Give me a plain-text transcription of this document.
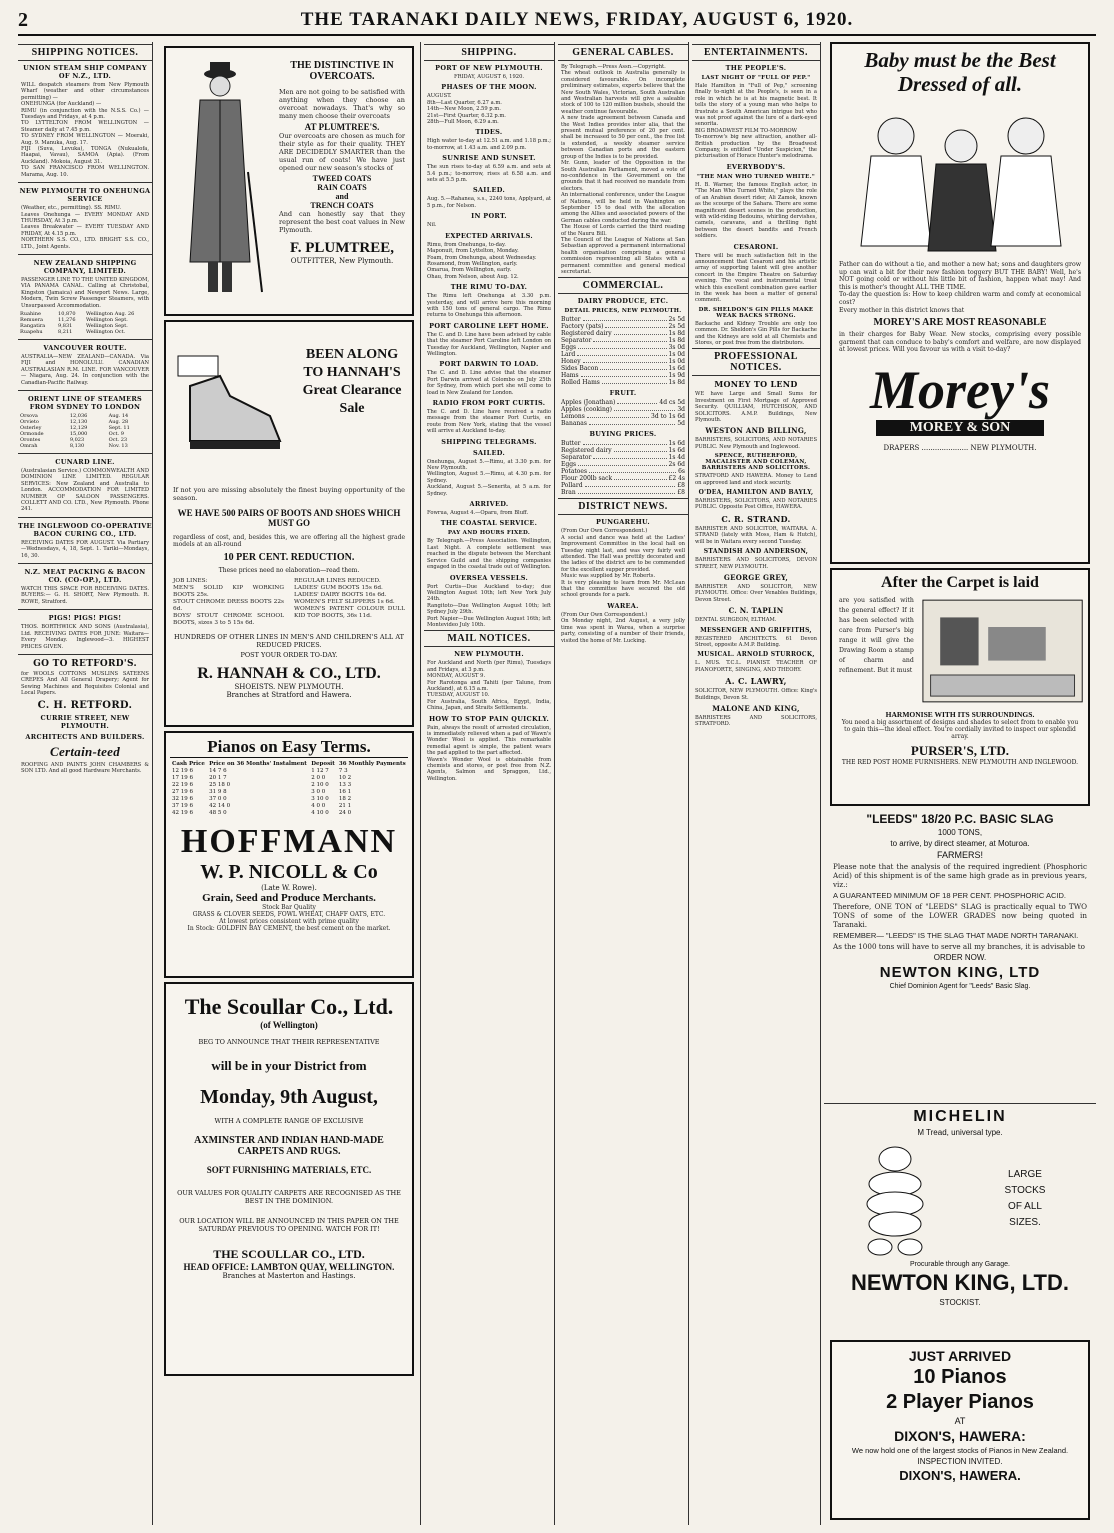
2	THE TARANAKI DAILY NEWS, FRIDAY, AUGUST 6, 1920.
SHIPPING NOTICES.
UNION STEAM SHIP COMPANY OF N.Z., LTD.
WILL despatch steamers from New Plymouth Wharf (weather and other circumstances permitting) —
ONEHUNGA (for Auckland) —
RIMU (in conjunction with the N.S.S. Co.) — Tuesdays and Fridays, at 4 p.m.
TO LYTTELTON FROM WELLINGTON — Steamer daily at 7.45 p.m.
TO SYDNEY FROM WELLINGTON — Moeraki, Aug. 9. Manuka, Aug. 17.
FIJI (Suva, Levuka), TONGA (Nukualofa, Haapai, Vavau), SAMOA (Apia). (From Auckland). Mokoia, August 31.
TO SAN FRANCISCO FROM WELLINGTON. Marama, Aug. 10.
NEW PLYMOUTH TO ONEHUNGA SERVICE
(Weather, etc., permitting). SS. RIMU.
Leaves Onehunga — EVERY MONDAY AND THURSDAY, At 3 p.m.
Leaves Breakwater — EVERY TUESDAY AND FRIDAY, At 4.15 p.m.
NORTHERN S.S. CO., LTD. BRIGHT S.S. CO., LTD., Joint Agents.
NEW ZEALAND SHIPPING COMPANY, LIMITED.
PASSENGER LINE TO THE UNITED KINGDOM, VIA PANAMA CANAL. Calling at Christobal, Kingston (Jamaica) and Newport News. Large, Modern, Twin Screw Passenger Steamers, with Unsurpassed Accommodation.
Ruahine	10,870	Wellington Aug. 26
Remuera	11,276	Wellington Sept.
Rangatira	9,831	Wellington Sept.
Ruapehu	8,211	Wellington Oct.
VANCOUVER ROUTE.
AUSTRALIA—NEW ZEALAND—CANADA. Via FIJI and HONOLULU. CANADIAN AUSTRALASIAN R.M. LINE. FOR VANCOUVER — Niagara, Aug. 24. In conjunction with the Canadian-Pacific Railway.
ORIENT LINE OF STEAMERS FROM SYDNEY TO LONDON
Orsova	12,036	Aug. 14
Orvieto	12,130	Aug. 28
Osterley	12,129	Sept. 11
Ormonde	15,000	Oct. 9
Orontes	9,023	Oct. 23
Omrah	8,130	Nov. 13
CUNARD LINE.
(Australasian Service.) COMMONWEALTH AND DOMINION LINE LIMITED. REGULAR SERVICES: New Zealand and Australia to London. ACCOMMODATION FOR LIMITED NUMBER OF SALOON PASSENGERS. COLLETT AND CO. LTD., New Plymouth. Phone 241.
THE INGLEWOOD CO-OPERATIVE BACON CURING CO., LTD.
RECEIVING DATES FOR AUGUST. Via Partiary—Wednesdays, 4, 18, Sept. 1. Tariki—Mondays, 16, 30.
N.Z. MEAT PACKING & BACON CO. (CO-OP.), LTD.
WATCH THIS SPACE FOR RECEIVING DATES. BUYERS:— G. H. SHORT, New Plymouth. R. ROWE, Stratford.
PIGS! PIGS! PIGS!
THOS. BORTHWICK AND SONS (Australasia), Ltd. RECEIVING DATES FOR JUNE: Waitara—Every Monday. Inglewood—3. HIGHEST PRICES GIVEN.
GO TO RETFORD'S.
for WOOLS COTTONS MUSLINS SATEENS CREPES And All General Drapery; Agent for Sewing Machines and Requisites Colonial and Local Papers.
C. H. RETFORD.
CURRIE STREET, NEW PLYMOUTH.
ARCHITECTS AND BUILDERS.
Certain-teed
ROOFING AND PAINTS JOHN CHAMBERS & SON LTD. And all good Hardware Merchants.
THE DISTINCTIVE IN OVERCOATS.
Men are not going to be satisfied with anything when they choose an overcoat nowadays. That's why so many men choose their overcoats
AT PLUMTREE'S.
Our overcoats are chosen as much for their style as for their quality. THEY ARE DECIDEDLY SMARTER than the usual run of coats! We have just opened our new season's stocks of
TWEED COATS
RAIN COATS
and
TRENCH COATS
And can honestly say that they represent the best coat values in New Plymouth.
F. PLUMTREE,
OUTFITTER, New Plymouth.
BEEN ALONG TO HANNAH'S Great Clearance Sale
If not you are missing absolutely the finest buying opportunity of the season.
WE HAVE 500 PAIRS OF BOOTS AND SHOES WHICH MUST GO
regardless of cost, and, besides this, we are offering all the highest grade models at an all-round
10 PER CENT. REDUCTION.
These prices need no elaboration—read them.
JOB LINES:
MEN'S SOLID KIP WORKING BOOTS 25s.
STOUT CHROME DRESS BOOTS 22s 6d.
BOYS' STOUT CHROME SCHOOL BOOTS, sizes 3 to 5 15s 6d.
REGULAR LINES REDUCED.
LADIES' GUM BOOTS 15s 6d.
LADIES' DAIRY BOOTS 16s 6d.
WOMEN'S FELT SLIPPERS 1s 6d.
WOMEN'S PATENT COLOUR DULL KID TOP BOOTS, 36s 11d.
HUNDREDS OF OTHER LINES IN MEN'S AND CHILDREN'S ALL AT REDUCED PRICES.
POST YOUR ORDER TO-DAY.
R. HANNAH & CO., LTD.
SHOEISTS. NEW PLYMOUTH.
Branches at Stratford and Hawera.
Pianos on Easy Terms.
Cash Price	Price on 36 Months' Instalment	Deposit	36 Monthly Payments
12 19 6	14 7 6	1 12 7	7 3
17 19 6	20 1 7	2 0 0	10 2
22 19 6	25 18 0	2 10 0	13 3
27 19 6	31 9 8	3 0 0	16 1
32 19 6	37 0 0	3 10 0	18 2
37 19 6	42 14 0	4 0 0	21 1
42 19 6	48 5 0	4 10 0	24 0
HOFFMANN
W. P. NICOLL & Co
(Late W. Rowe).
Grain, Seed and Produce Merchants.
Stock Bar Quality
GRASS & CLOVER SEEDS, FOWL WHEAT, CHAFF OATS, ETC.
At lowest prices consistent with prime quality
In Stock: GOLDFIN BAY CEMENT, the best cement on the market.
The Scoullar Co., Ltd.
(of Wellington)
BEG TO ANNOUNCE THAT THEIR REPRESENTATIVE
will be in your District from
Monday, 9th August,
WITH A COMPLETE RANGE OF EXCLUSIVE
AXMINSTER AND INDIAN HAND-MADE CARPETS AND RUGS.
SOFT FURNISHING MATERIALS, ETC.
OUR VALUES FOR QUALITY CARPETS ARE RECOGNISED AS THE BEST IN THE DOMINION.
OUR LOCATION WILL BE ANNOUNCED IN THIS PAPER ON THE SATURDAY PREVIOUS TO OPENING. WATCH FOR IT!
THE SCOULLAR CO., LTD.
HEAD OFFICE: LAMBTON QUAY, WELLINGTON.
Branches at Masterton and Hastings.
SHIPPING.
PORT OF NEW PLYMOUTH.
FRIDAY, AUGUST 6, 1920.
PHASES OF THE MOON.
AUGUST.
8th—Last Quarter, 6.27 a.m.
14th—New Moon, 2.59 p.m.
21st—First Quarter, 6.32 p.m.
28th—Full Moon, 6.29 a.m.
TIDES.
High water to-day at 12.51 a.m. and 1.18 p.m.; to-morrow, at 1.43 a.m. and 2.09 p.m.
SUNRISE AND SUNSET.
The sun rises to-day at 6.59 a.m. and sets at 5.4 p.m.; to-morrow, rises at 6.58 a.m. and sets at 5.5 p.m.
SAILED.
Aug. 5.—Rahanea, s.s., 2240 tons, Applyard, at 5 p.m., for Nelson.
IN PORT.
Nil.
EXPECTED ARRIVALS.
Rimu, from Onehunga, to-day.
Maponuit, from Lyttelton, Monday.
Foam, from Onehunga, about Wednesday.
Rosamond, from Wellington, early.
Omarua, from Wellington, early.
Ohau, from Nelson, about Aug. 12.
THE RIMU TO-DAY.
The Rimu left Onehunga at 3.30 p.m. yesterday, and will arrive here this morning with 150 tons of general cargo. The Rimu returns to Onehunga this afternoon.
PORT CAROLINE LEFT HOME.
The C. and D. Line have been advised by cable that the steamer Port Caroline left London on Tuesday for Auckland, Wellington, Napier and Wellington.
PORT DARWIN TO LOAD.
The C. and D. Line advise that the steamer Port Darwin arrived at Colombo on July 25th for Sydney, from which port she will come to load in New Zealand for London.
RADIO FROM PORT CURTIS.
The C. and D. Line have received a radio message from the steamer Port Curtis, en route from New York, stating that the vessel will arrive at Auckland to-day.
SHIPPING TELEGRAMS.
SAILED.
Onehunga, August 5.—Rimu, at 3.30 p.m. for New Plymouth.
Wellington, August 5.—Rimu, at 4.30 p.m. for Sydney.
Auckland, August 5.—Senerita, at 5 a.m. for Sydney.
ARRIVED.
Fowrua, August 4.—Oparu, from Bluff.
THE COASTAL SERVICE.
PAY AND HOURS FIXED.
By Telegraph.—Press Association. Wellington, Last Night. A complete settlement was reached in the dispute between the Merchant Service Guild and the shipping companies engaged in the coastal trade out of Wellington.
OVERSEA VESSELS.
Port Curtis—Due Auckland to-day; due Wellington August 10th; left New York July 24th.
Rangitoto—Due Wellington August 10th; left Sydney July 29th.
Port Napier—Due Wellington August 16th; left Montevideo July 10th.
MAIL NOTICES.
NEW PLYMOUTH.
For Auckland and North (per Rimu), Tuesdays and Fridays, at 3 p.m.
MONDAY, AUGUST 9.
For Rarotonga and Tahiti (per Talune, from Auckland), at 6.15 a.m.
TUESDAY, AUGUST 10.
For Australia, South Africa, Egypt, India, China, Japan, and Straits Settlements.
HOW TO STOP PAIN QUICKLY.
Pain, always the result of arrested circulation, is immediately relieved when a pad of Wawn's Wonder Wool is applied. This remarkable remedial agent is simple, the patient wears the pad applied to the part affected.
Wawn's Wonder Wool is obtainable from chemists and stores, or post free from N.Z. Agents, Salmon and Spraggon, Ltd., Wellington.
GENERAL CABLES.
By Telegraph.—Press Assn.—Copyright.
The wheat outlook in Australia generally is considered favourable. On incomplete preliminary estimates, experts believe that the New South Wales, Victorian, South Australian and Westralian harvests will give a saleable stock of 100 to 120 million bushels, should the weather continue favourable.
A new trade agreement between Canada and the West Indies provides inter alia, that the present mutual preference of 20 per cent. shall be increased to 50 per cent., the free list is extended, a weekly steamer service between Canadian ports and the eastern group of the Indies is to be provided.
Mr. Gunn, leader of the Opposition in the South Australian Parliament, moved a vote of no-confidence in the Government on the grounds that it had received no mandate from electors.
An international conference, under the League of Nations, will be held in Washington on September 15 to deal with the allocation among the Allies and associated powers of the German cables conducted during the war.
The House of Lords carried the third reading of the Nauru Bill.
The Council of the League of Nations at San Sebastian approved a permanent international health organisation comprising a general commission representing all States with a permanent committee and general medical secretariat.
COMMERCIAL.
DAIRY PRODUCE, ETC.
DETAIL PRICES, NEW PLYMOUTH.
Butter	2s 5d
Factory (pats)	2s 5d
Registered dairy	1s 8d
Separator	1s 8d
Eggs	3s 0d
Lard	1s 0d
Honey	1s 0d
Sides Bacon	1s 6d
Hams	1s 9d
Rolled Hams	1s 8d
FRUIT.
Apples (Jonathan)	4d cs 5d
Apples (cooking)	3d
Lemons	3d to 1s 6d
Bananas	5d
BUYING PRICES.
Butter	1s 6d
Registered dairy	1s 6d
Separator	1s 4d
Eggs	2s 6d
Potatoes	6s
Flour 200lb sack	£2 4s
Pollard	£8
Bran	£8
DISTRICT NEWS.
PUNGAREHU.
(From Our Own Correspondent.)
A social and dance was held at the Ladies' Improvement Committee in the local hall on Tuesday night last, and was very fairly well attended. The Hall was prettily decorated and the ladies of the district are to be commended for the excellent supper provided.
Music was supplied by Mr. Roberts.
It is very pleasing to learn from Mr. McLean that the committee have secured the old school grounds for a park.
WAREA.
(From Our Own Correspondent.)
On Monday night, 2nd August, a very jolly time was spent in Warea, when a surprise party, consisting of a number of their friends, visited the home of Mr. Lucking.
ENTERTAINMENTS.
THE PEOPLE'S.
LAST NIGHT OF "FULL OF PEP."
Hale Hamilton in "Full of Pep," screening finally to-night at the People's, is seen in a role in which he is at his magnetic best. It tells the story of a young man who helps to frustrate a South American intrigue but who was not proof against the lure of a dark-eyed senorita.
BIG BROADWEST FILM TO-MORROW
To-morrow's big new attraction, another all-British production by the Broadwest Company, is entitled "Under Suspicion," the picturisation of Horace Hunter's melodrama.
EVERYBODY'S.
"THE MAN WHO TURNED WHITE."
H. B. Warner, the famous English actor, in "The Man Who Turned White," plays the role of an Arabian desert rider, Ali Zamok, known as the scourge of the Sahara. There are some magnificent desert scenes in the production, with wild-riding Bedouins, whirling dervishes, camels, caravans, and a thrilling fight between the desert bandits and French soldiers.
CESARONI.
There will be much satisfaction felt in the announcement that Cesaroni and his artistic array of supporting talent will give another concert in the Empire Theatre on Saturday evening. The vocal and instrumental treat which this excellent combination gave earlier in the week has been a matter of general comment.
DR. SHELDON'S GIN PILLS MAKE WEAK BACKS STRONG.
Backache and Kidney Trouble are only too common. Dr. Sheldon's Gin Pills for Backache and the Kidneys are sold at all Chemists and Stores, or post free from the distributors.
PROFESSIONAL NOTICES.
MONEY TO LEND
WE have Large and Small Sums for Investment on First Mortgage of Approved Security. QUILLIAM, HUTCHISON, AND SOLICITORS. A.M.P. Buildings, New Plymouth.
WESTON AND BILLING,
BARRISTERS, SOLICITORS, AND NOTARIES PUBLIC. New Plymouth and Inglewood.
SPENCE, RUTHERFORD, MACALISTER AND COLEMAN, BARRISTERS AND SOLICITORS.
STRATFORD AND HAWERA. Money to Lend on approved land and stock security.
O'DEA, HAMILTON AND BAYLY,
BARRISTERS, SOLICITORS, AND NOTARIES PUBLIC. Opposite Post Office, HAWERA.
C. R. STRAND.
BARRISTER AND SOLICITOR, WAITARA. A. STRAND (lately with Moss, Ham & Hutch), will be in Waitara every second Tuesday.
STANDISH AND ANDERSON,
BARRISTERS AND SOLICITORS, DEVON STREET, NEW PLYMOUTH.
GEORGE GREY,
BARRISTER AND SOLICITOR, NEW PLYMOUTH. Office: Over Venables Buildings, Devon Street.
C. N. TAPLIN
DENTAL SURGEON, ELTHAM.
MESSENGER AND GRIFFITHS,
REGISTERED ARCHITECTS. 61 Devon Street, opposite A.M.P. Building.
MUSICAL. ARNOLD STURROCK,
L. MUS. T.C.L. PIANIST. TEACHER OF PIANOFORTE, SINGING, AND THEORY.
A. C. LAWRY,
SOLICITOR, NEW PLYMOUTH. Office: King's Buildings, Devon St.
MALONE AND KING,
BARRISTERS AND SOLICITORS, STRATFORD.
Baby must be the Best Dressed of all.
Father can do without a tie, and mother a new hat; sons and daughters grow up can wait a bit for their new fashion toggery BUT THE BABY! Well, he's NOT going cold or without his little bit of fashion, happen what may! And this is mother's thought ALL THE TIME.
To-day the question is: How to keep children warm and comfy at economical cost?
Every mother in this district knows that
MOREY'S ARE MOST REASONABLE
in their charges for Baby Wear. New stocks, comprising every possible garment that can conduce to baby's comfort and welfare, are now displayed at lowest prices. Will you favour us with a visit to-day?
Morey's
MOREY & SON
DRAPERS ..................... NEW PLYMOUTH.
After the Carpet is laid
are you satisfied with the general effect? If it has been selected with care from Purser's big range it will give the Drawing Room a stamp of charm and refinement. But it must
HARMONISE WITH ITS SURROUNDINGS.
You need a big assortment of designs and shades to select from to enable you to gain this—the ideal effect. You're cordially invited to inspect our splendid array.
PURSER'S, LTD.
THE RED POST HOME FURNISHERS. NEW PLYMOUTH AND INGLEWOOD.
"LEEDS" 18/20 P.C. BASIC SLAG
1000 TONS,
to arrive, by direct steamer, at Moturoa.
FARMERS!
Please note that the analysis of the required ingredient (Phosphoric Acid) of this shipment is of the same high grade as in previous years, viz.:
A GUARANTEED MINIMUM OF 18 PER CENT. PHOSPHORIC ACID.
Therefore, ONE TON of "LEEDS" SLAG is practically equal to TWO TONS of some of the LOWER GRADES now being quoted in Taranaki.
REMEMBER— "LEEDS" IS THE SLAG THAT MADE NORTH TARANAKI.
As the 1000 tons will have to serve all my branches, it is advisable to
ORDER NOW.
NEWTON KING, LTD
Chief Dominion Agent for "Leeds" Basic Slag.
MICHELIN
M Tread, universal type.
LARGE
STOCKS
OF ALL
SIZES.
Procurable through any Garage.
NEWTON KING, LTD.
STOCKIST.
JUST ARRIVED
10 Pianos
2 Player Pianos
AT
DIXON'S, HAWERA:
We now hold one of the largest stocks of Pianos in New Zealand.
INSPECTION INVITED.
DIXON'S, HAWERA.
